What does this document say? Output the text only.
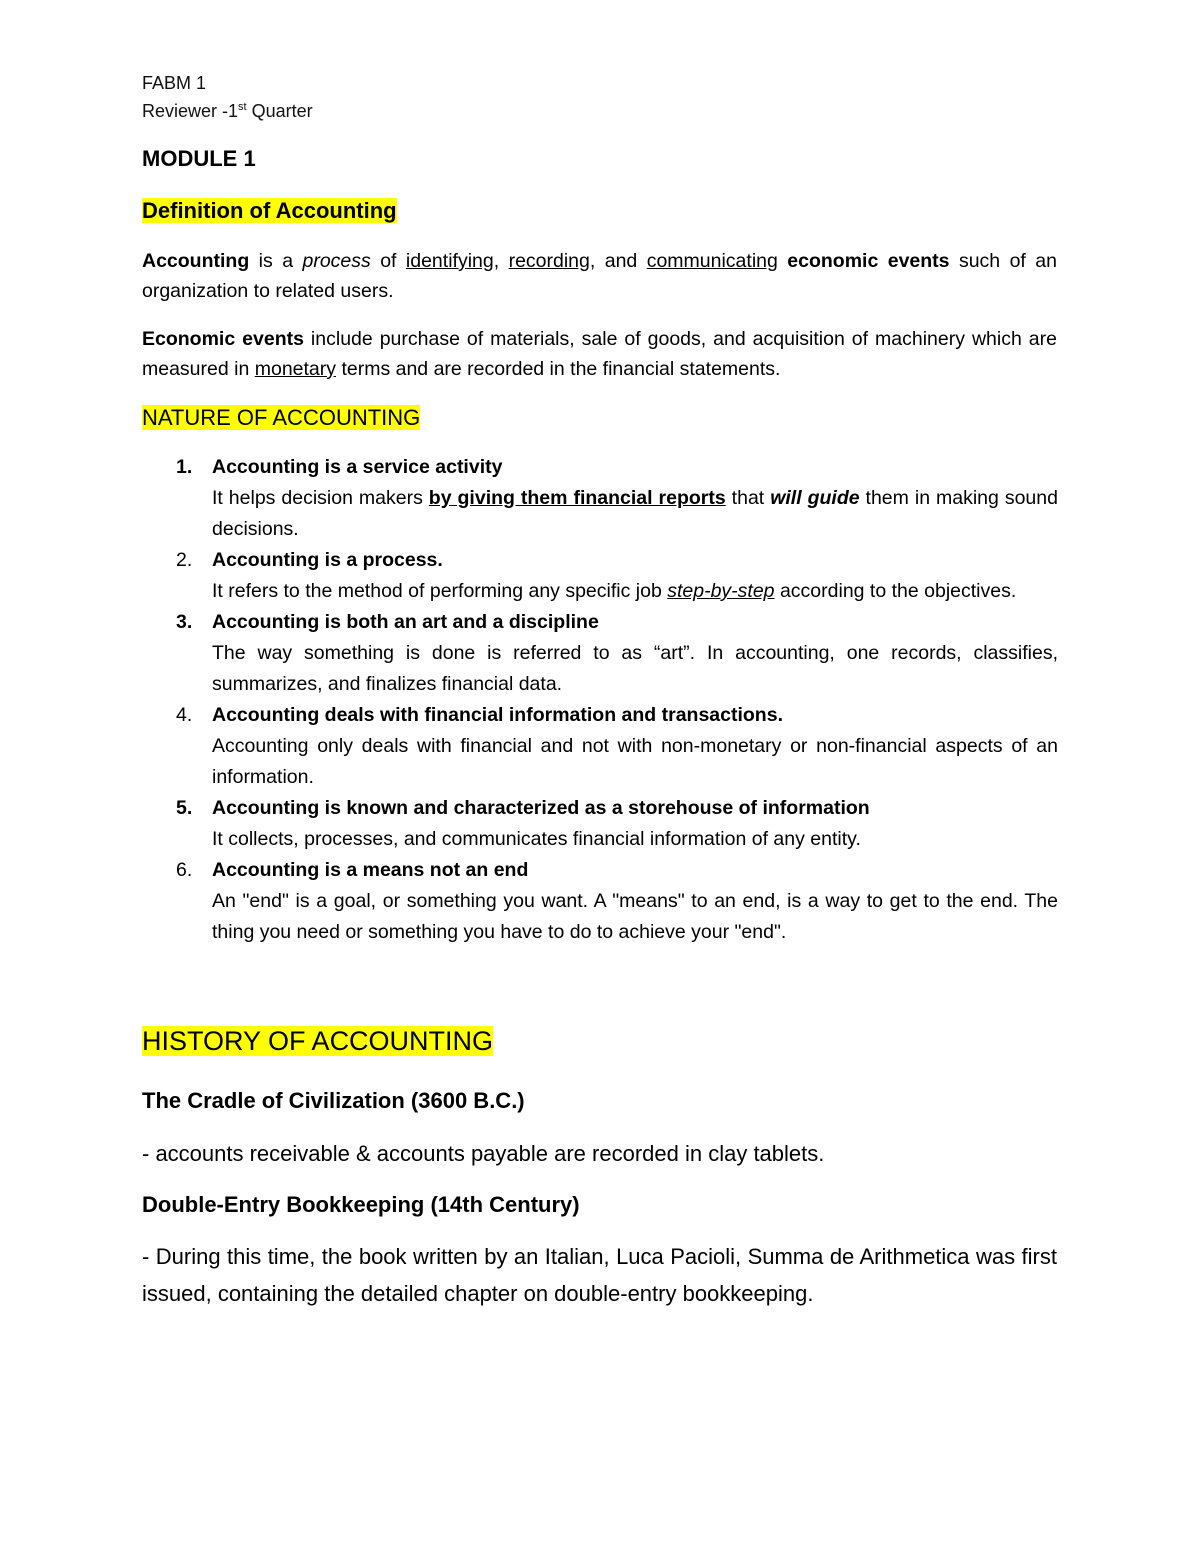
FABM 1
Reviewer -1st Quarter
MODULE 1
Definition of Accounting
Accounting is a process of identifying, recording, and communicating economic events such of an organization to related users.
Economic events include purchase of materials, sale of goods, and acquisition of machinery which are measured in monetary terms and are recorded in the financial statements.
NATURE OF ACCOUNTING
1. Accounting is a service activity
It helps decision makers by giving them financial reports that will guide them in making sound decisions.
2. Accounting is a process.
It refers to the method of performing any specific job step-by-step according to the objectives.
3. Accounting is both an art and a discipline
The way something is done is referred to as “art”. In accounting, one records, classifies, summarizes, and finalizes financial data.
4. Accounting deals with financial information and transactions.
Accounting only deals with financial and not with non-monetary or non-financial aspects of an information.
5. Accounting is known and characterized as a storehouse of information
It collects, processes, and communicates financial information of any entity.
6. Accounting is a means not an end
An "end" is a goal, or something you want. A "means" to an end, is a way to get to the end. The thing you need or something you have to do to achieve your "end".
HISTORY OF ACCOUNTING
The Cradle of Civilization (3600 B.C.)
- accounts receivable & accounts payable are recorded in clay tablets.
Double-Entry Bookkeeping (14th Century)
- During this time, the book written by an Italian, Luca Pacioli, Summa de Arithmetica was first issued, containing the detailed chapter on double-entry bookkeeping.
